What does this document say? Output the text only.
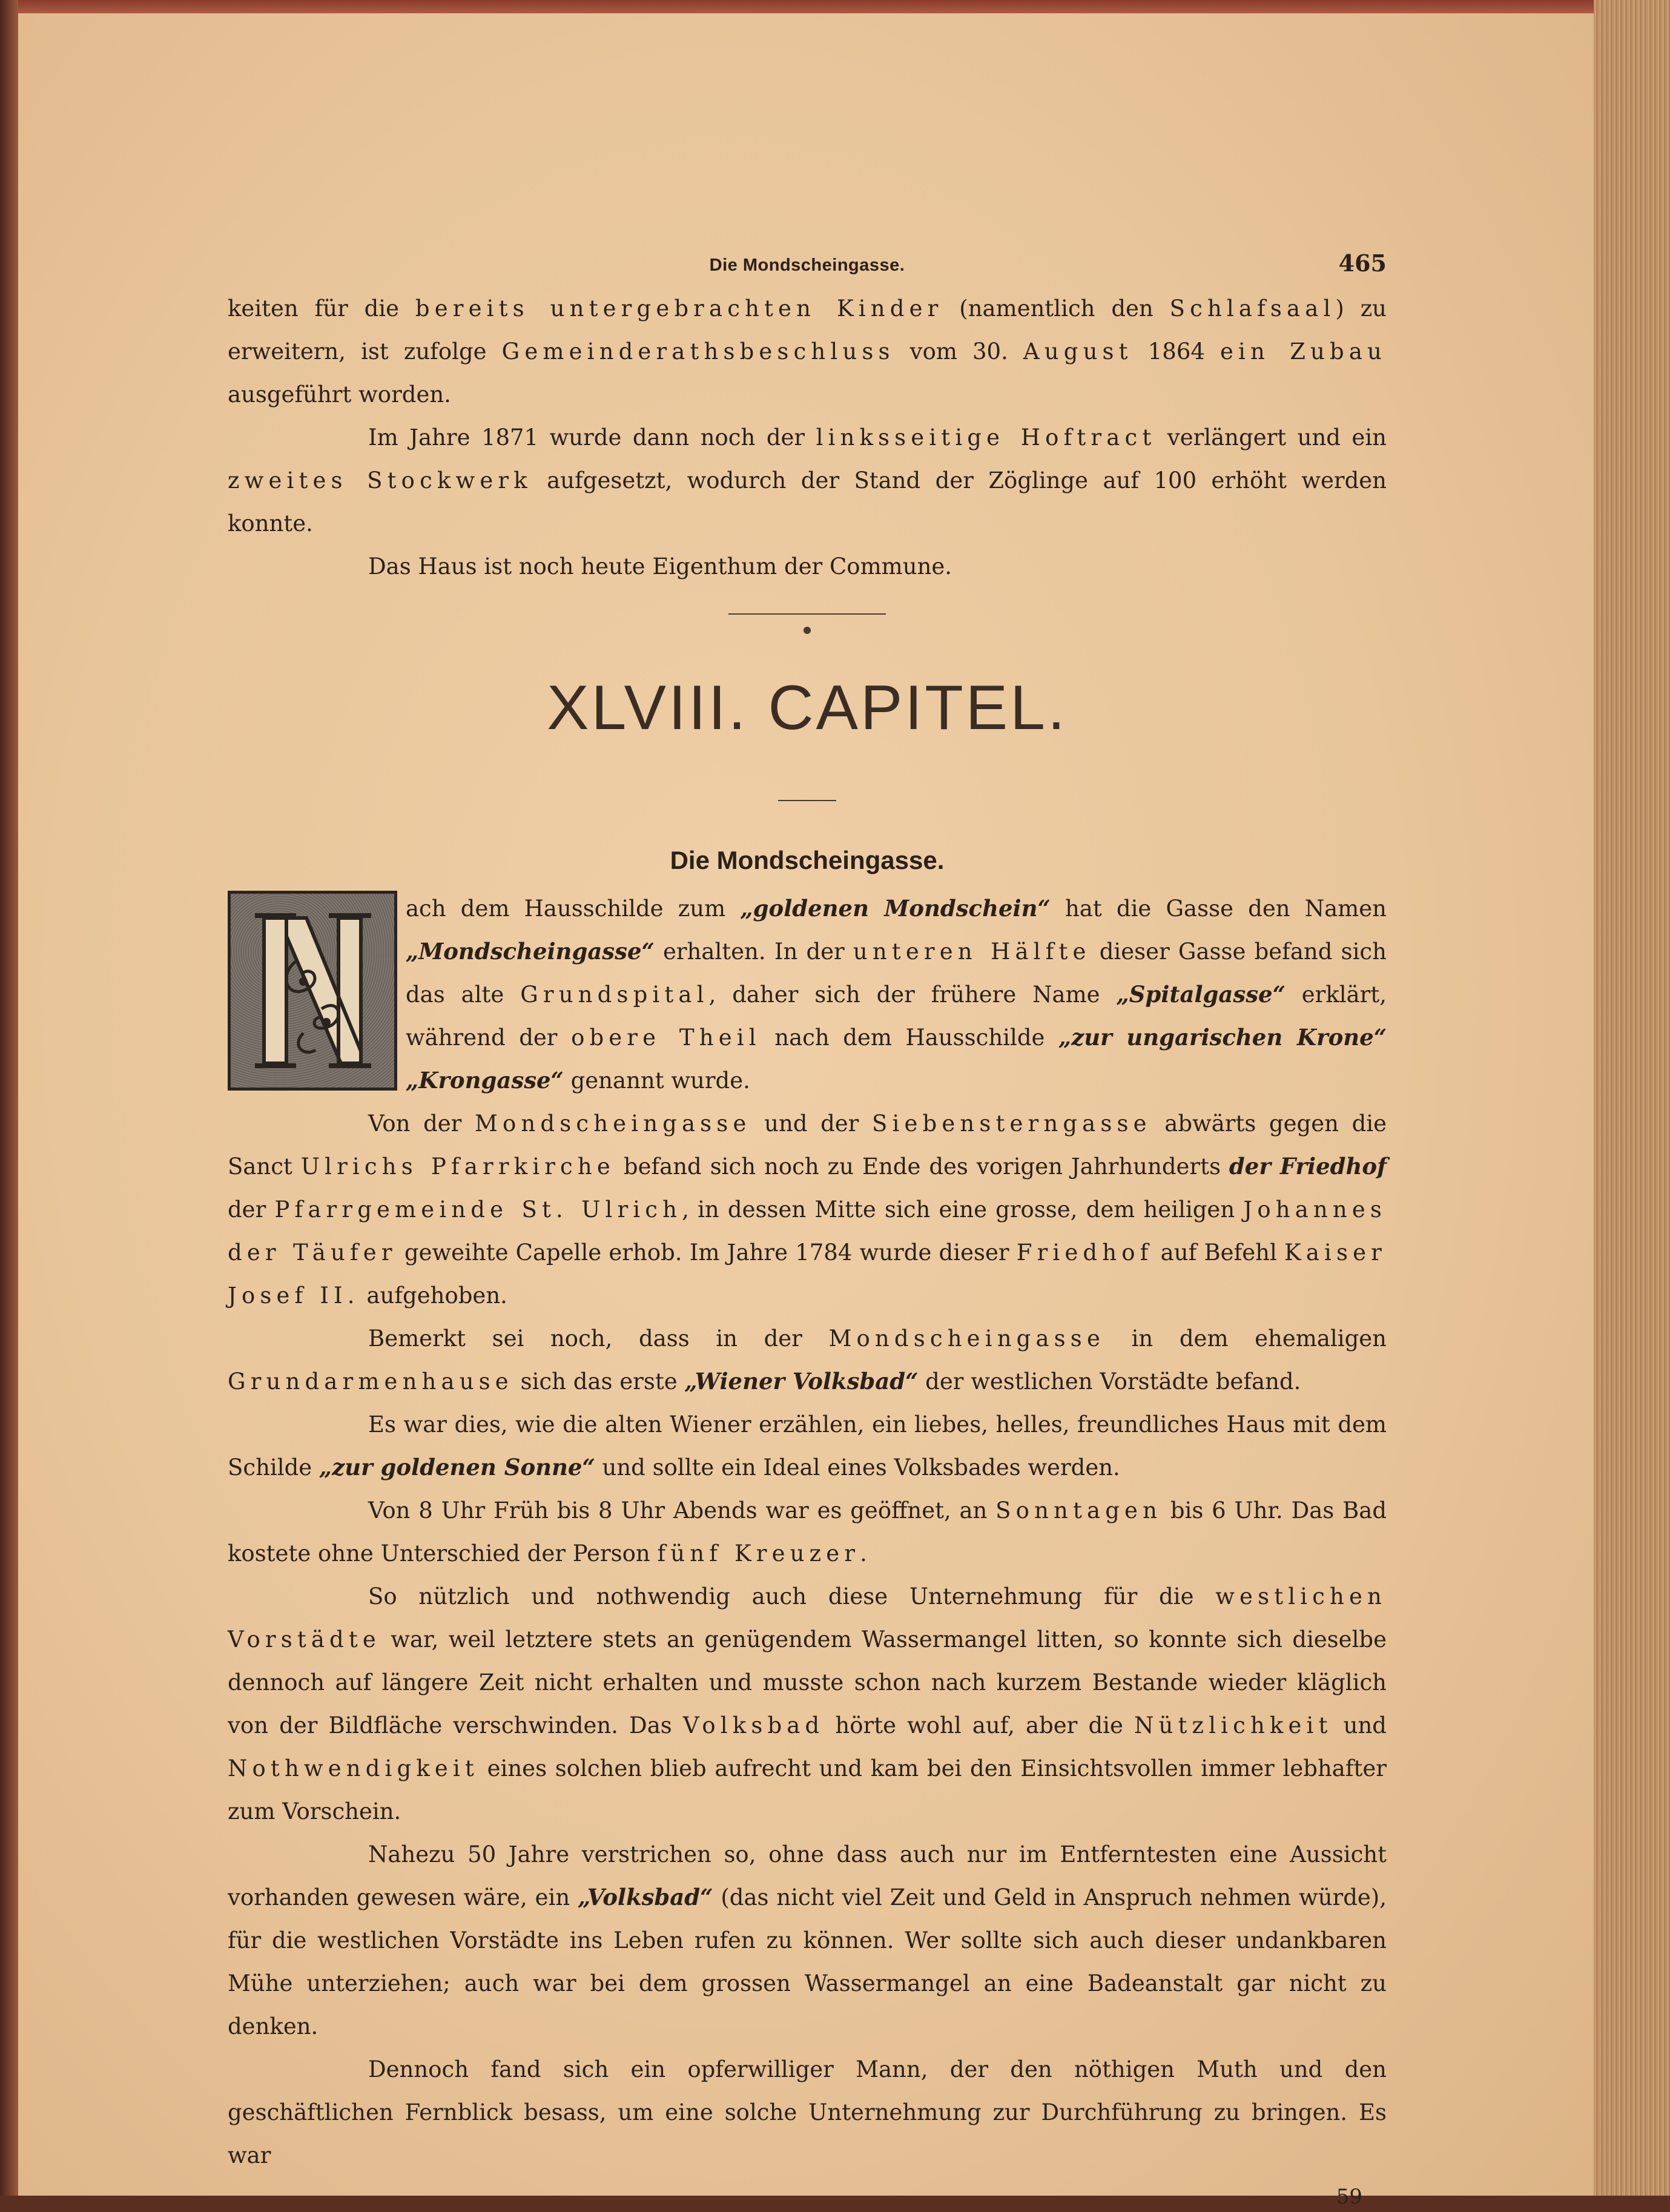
Die Mondscheingasse.	465

keiten für die bereits untergebrachten Kinder (namentlich den Schlafsaal) zu erweitern, ist zufolge Gemeinderathsbeschluss vom 30. August 1864 ein Zubau ausgeführt worden.

Im Jahre 1871 wurde dann noch der linksseitige Hoftract verlängert und ein zweites Stockwerk aufgesetzt, wodurch der Stand der Zöglinge auf 100 erhöht werden konnte.

Das Haus ist noch heute Eigenthum der Commune.

XLVIII. CAPITEL.
Die Mondscheingasse.

ach dem Hausschilde zum „goldenen Mondschein“ hat die Gasse den Namen „Mondscheingasse“ erhalten. In der unteren Hälfte dieser Gasse befand sich das alte Grundspital, daher sich der frühere Name „Spitalgasse“ erklärt, während der obere Theil nach dem Hausschilde „zur ungarischen Krone“ „Krongasse“ genannt wurde.

Von der Mondscheingasse und der Siebensterngasse abwärts gegen die Sanct Ulrichs Pfarrkirche befand sich noch zu Ende des vorigen Jahrhunderts der Friedhof der Pfarrgemeinde St. Ulrich, in dessen Mitte sich eine grosse, dem heiligen Johannes der Täufer geweihte Capelle erhob. Im Jahre 1784 wurde dieser Friedhof auf Befehl Kaiser Josef II. aufgehoben.

Bemerkt sei noch, dass in der Mondscheingasse in dem ehemaligen Grundarmenhause sich das erste „Wiener Volksbad“ der westlichen Vorstädte befand.

Es war dies, wie die alten Wiener erzählen, ein liebes, helles, freundliches Haus mit dem Schilde „zur goldenen Sonne“ und sollte ein Ideal eines Volksbades werden.

Von 8 Uhr Früh bis 8 Uhr Abends war es geöffnet, an Sonntagen bis 6 Uhr. Das Bad kostete ohne Unterschied der Person fünf Kreuzer.

So nützlich und nothwendig auch diese Unternehmung für die westlichen Vorstädte war, weil letztere stets an genügendem Wassermangel litten, so konnte sich dieselbe dennoch auf längere Zeit nicht erhalten und musste schon nach kurzem Bestande wieder kläglich von der Bildfläche verschwinden. Das Volksbad hörte wohl auf, aber die Nützlichkeit und Nothwendigkeit eines solchen blieb aufrecht und kam bei den Einsichtsvollen immer lebhafter zum Vorschein.

Nahezu 50 Jahre verstrichen so, ohne dass auch nur im Entferntesten eine Aussicht vorhanden gewesen wäre, ein „Volksbad“ (das nicht viel Zeit und Geld in Anspruch nehmen würde), für die westlichen Vorstädte ins Leben rufen zu können. Wer sollte sich auch dieser undankbaren Mühe unterziehen; auch war bei dem grossen Wassermangel an eine Badeanstalt gar nicht zu denken.

Dennoch fand sich ein opferwilliger Mann, der den nöthigen Muth und den geschäftlichen Fernblick besass, um eine solche Unternehmung zur Durchführung zu bringen. Es war

59
